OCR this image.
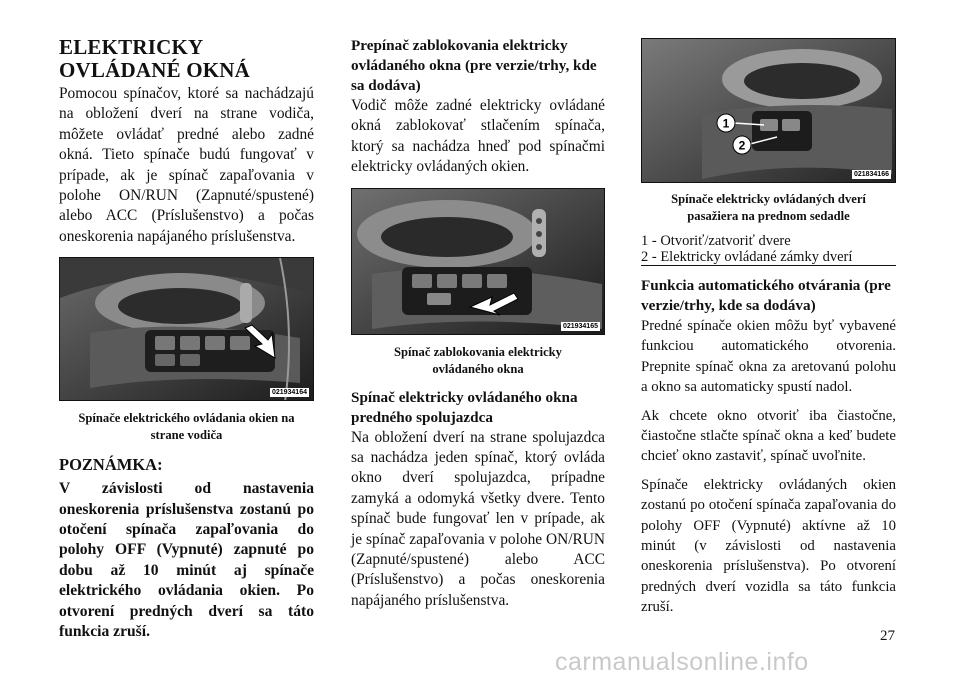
ELEKTRICKY OVLÁDANÉ OKNÁ

Pomocou spínačov, ktoré sa nachádzajú na obložení dverí na strane vodiča, môžete ovládať predné alebo zadné okná. Tieto spínače budú fungovať v prípade, ak je spínač zapaľovania v polohe ON/RUN (Zapnuté/spustené) alebo ACC (Príslušenstvo) a počas oneskorenia napájaného príslušenstva.

021934164

Spínače elektrického ovládania okien na strane vodiča

POZNÁMKA:

V závislosti od nastavenia oneskorenia príslušenstva zostanú po otočení spínača zapaľovania do polohy OFF (Vypnuté) zapnuté po dobu až 10 minút aj spínače elektrického ovládania okien. Po otvorení predných dverí sa táto funkcia zruší.

Prepínač zablokovania elektricky ovládaného okna (pre verzie/trhy, kde sa dodáva)

Vodič môže zadné elektricky ovládané okná zablokovať stlačením spínača, ktorý sa nachádza hneď pod spínačmi elektricky ovládaných okien.

021934165

Spínač zablokovania elektricky ovládaného okna

Spínač elektricky ovládaného okna predného spolujazdca

Na obložení dverí na strane spolujazdca sa nachádza jeden spínač, ktorý ovláda okno dverí spolujazdca, prípadne zamyká a odomyká všetky dvere. Tento spínač bude fungovať len v prípade, ak je spínač zapaľovania v polohe ON/RUN (Zapnuté/spustené) alebo ACC (Príslušenstvo) a počas oneskorenia napájaného príslušenstva.

1
2
021834166

Spínače elektricky ovládaných dverí pasažiera na prednom sedadle

1 - Otvoriť/zatvoriť dvere
2 - Elektricky ovládané zámky dverí
Funkcia automatického otvárania (pre verzie/trhy, kde sa dodáva)

Predné spínače okien môžu byť vybavené funkciou automatického otvorenia. Prepnite spínač okna za aretovanú polohu a okno sa automaticky spustí nadol.

Ak chcete okno otvoriť iba čiastočne, čiastočne stlačte spínač okna a keď budete chcieť okno zastaviť, spínač uvoľnite.

Spínače elektricky ovládaných okien zostanú po otočení spínača zapaľovania do polohy OFF (Vypnuté) aktívne až 10 minút (v závislosti od nastavenia oneskorenia príslušenstva). Po otvorení predných dverí vozidla sa táto funkcia zruší.

27
carmanualsonline.info
